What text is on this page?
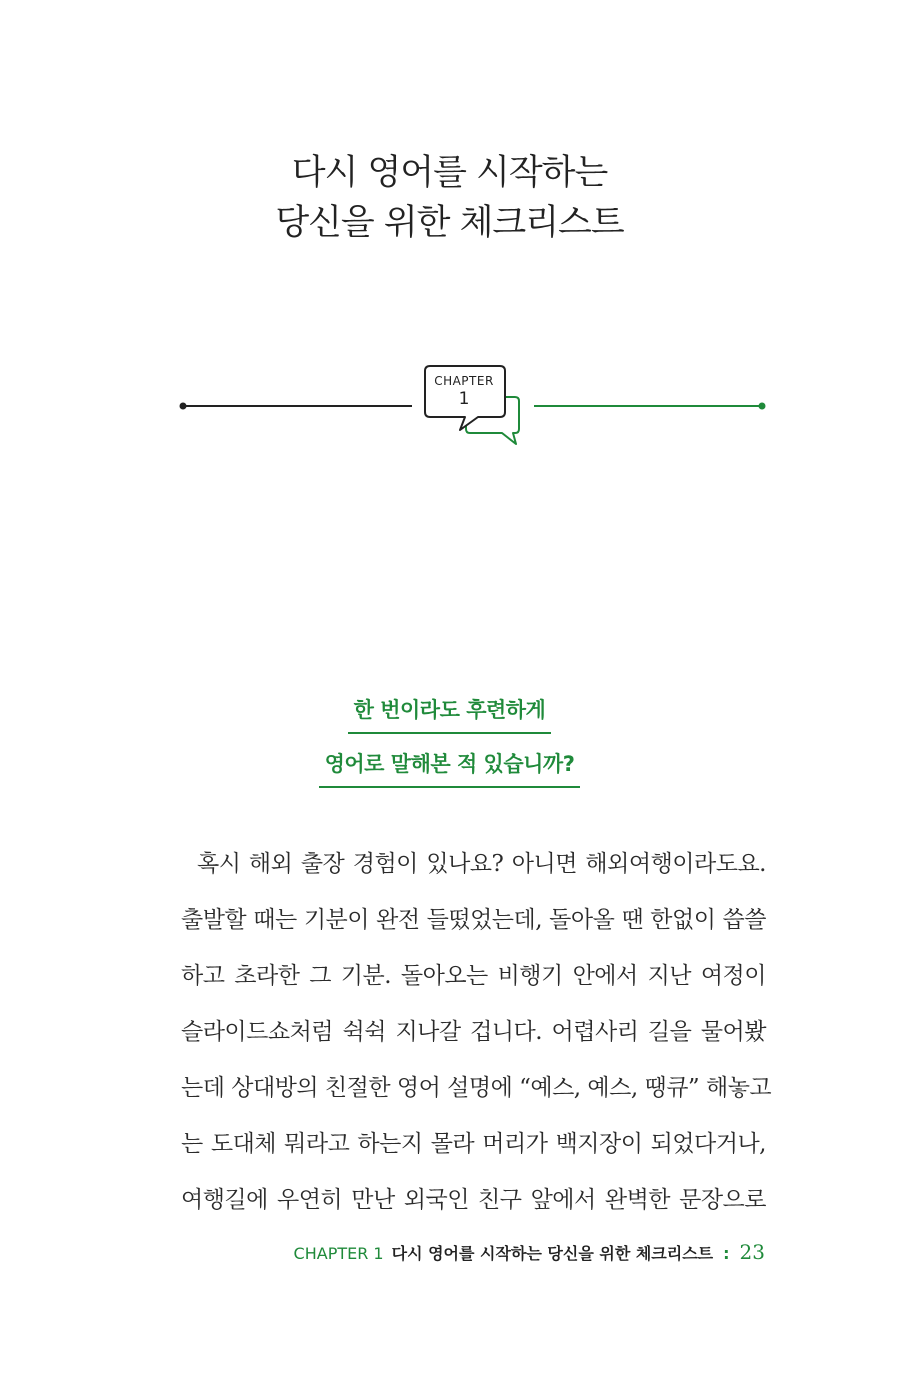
다시 영어를 시작하는
당신을 위한 체크리스트
CHAPTER
1
한 번이라도 후련하게
영어로 말해본 적 있습니까?
혹시 해외 출장 경험이 있나요? 아니면 해외여행이라도요.
출발할 때는 기분이 완전 들떴었는데, 돌아올 땐 한없이 씁쓸
하고 초라한 그 기분. 돌아오는 비행기 안에서 지난 여정이
슬라이드쇼처럼 쉭쉭 지나갈 겁니다. 어렵사리 길을 물어봤
는데 상대방의 친절한 영어 설명에 “예스, 예스, 땡큐” 해놓고
는 도대체 뭐라고 하는지 몰라 머리가 백지장이 되었다거나,
여행길에 우연히 만난 외국인 친구 앞에서 완벽한 문장으로
CHAPTER 1 다시 영어를 시작하는 당신을 위한 체크리스트 : 23
